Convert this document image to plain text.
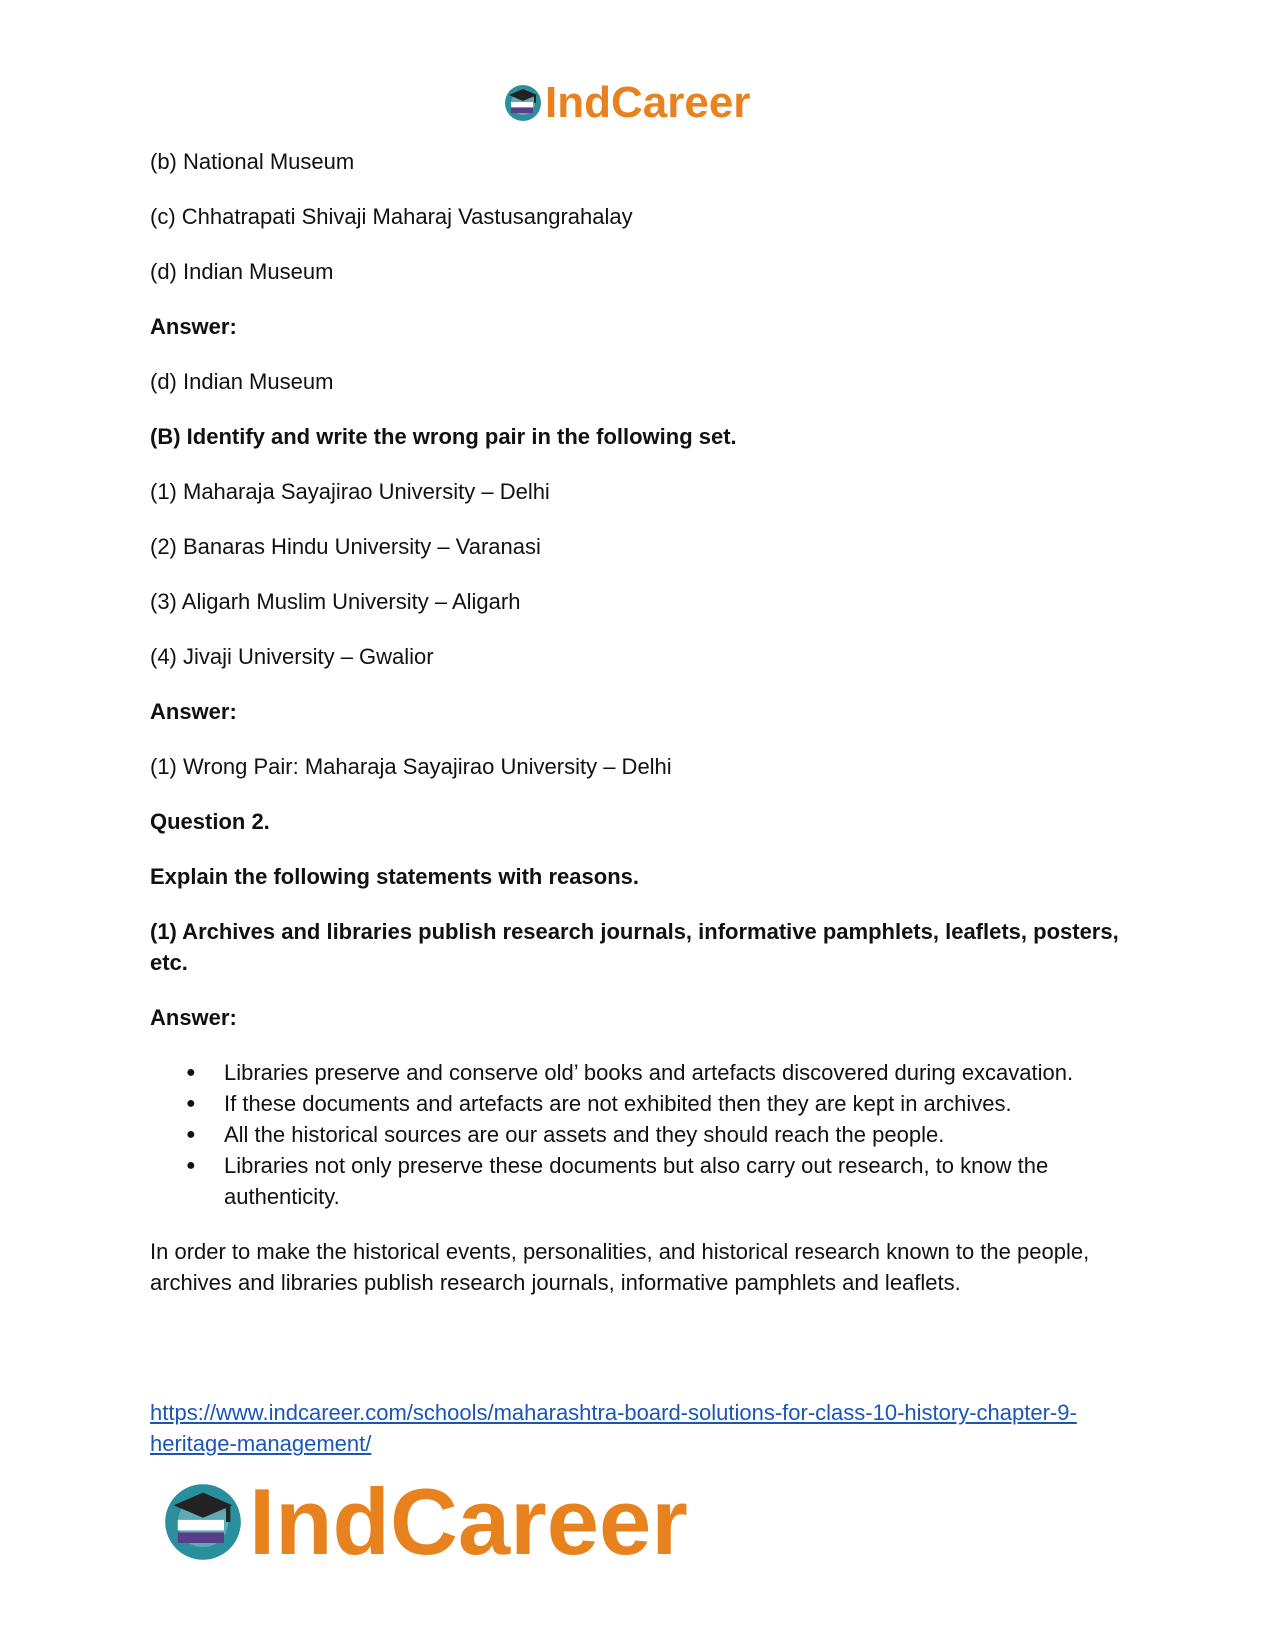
IndCareer

(b) National Museum

(c) Chhatrapati Shivaji Maharaj Vastusangrahalay

(d) Indian Museum

Answer:

(d) Indian Museum

(B) Identify and write the wrong pair in the following set.

(1) Maharaja Sayajirao University – Delhi

(2) Banaras Hindu University – Varanasi

(3) Aligarh Muslim University – Aligarh

(4) Jivaji University – Gwalior

Answer:

(1) Wrong Pair: Maharaja Sayajirao University – Delhi

Question 2.

Explain the following statements with reasons.

(1) Archives and libraries publish research journals, informative pamphlets, leaflets, posters, etc.

Answer:

● Libraries preserve and conserve old’ books and artefacts discovered during excavation.
● If these documents and artefacts are not exhibited then they are kept in archives.
● All the historical sources are our assets and they should reach the people.
● Libraries not only preserve these documents but also carry out research, to know the authenticity.

In order to make the historical events, personalities, and historical research known to the people, archives and libraries publish research journals, informative pamphlets and leaflets.

https://www.indcareer.com/schools/maharashtra-board-solutions-for-class-10-history-chapter-9-heritage-management/
IndCareer
